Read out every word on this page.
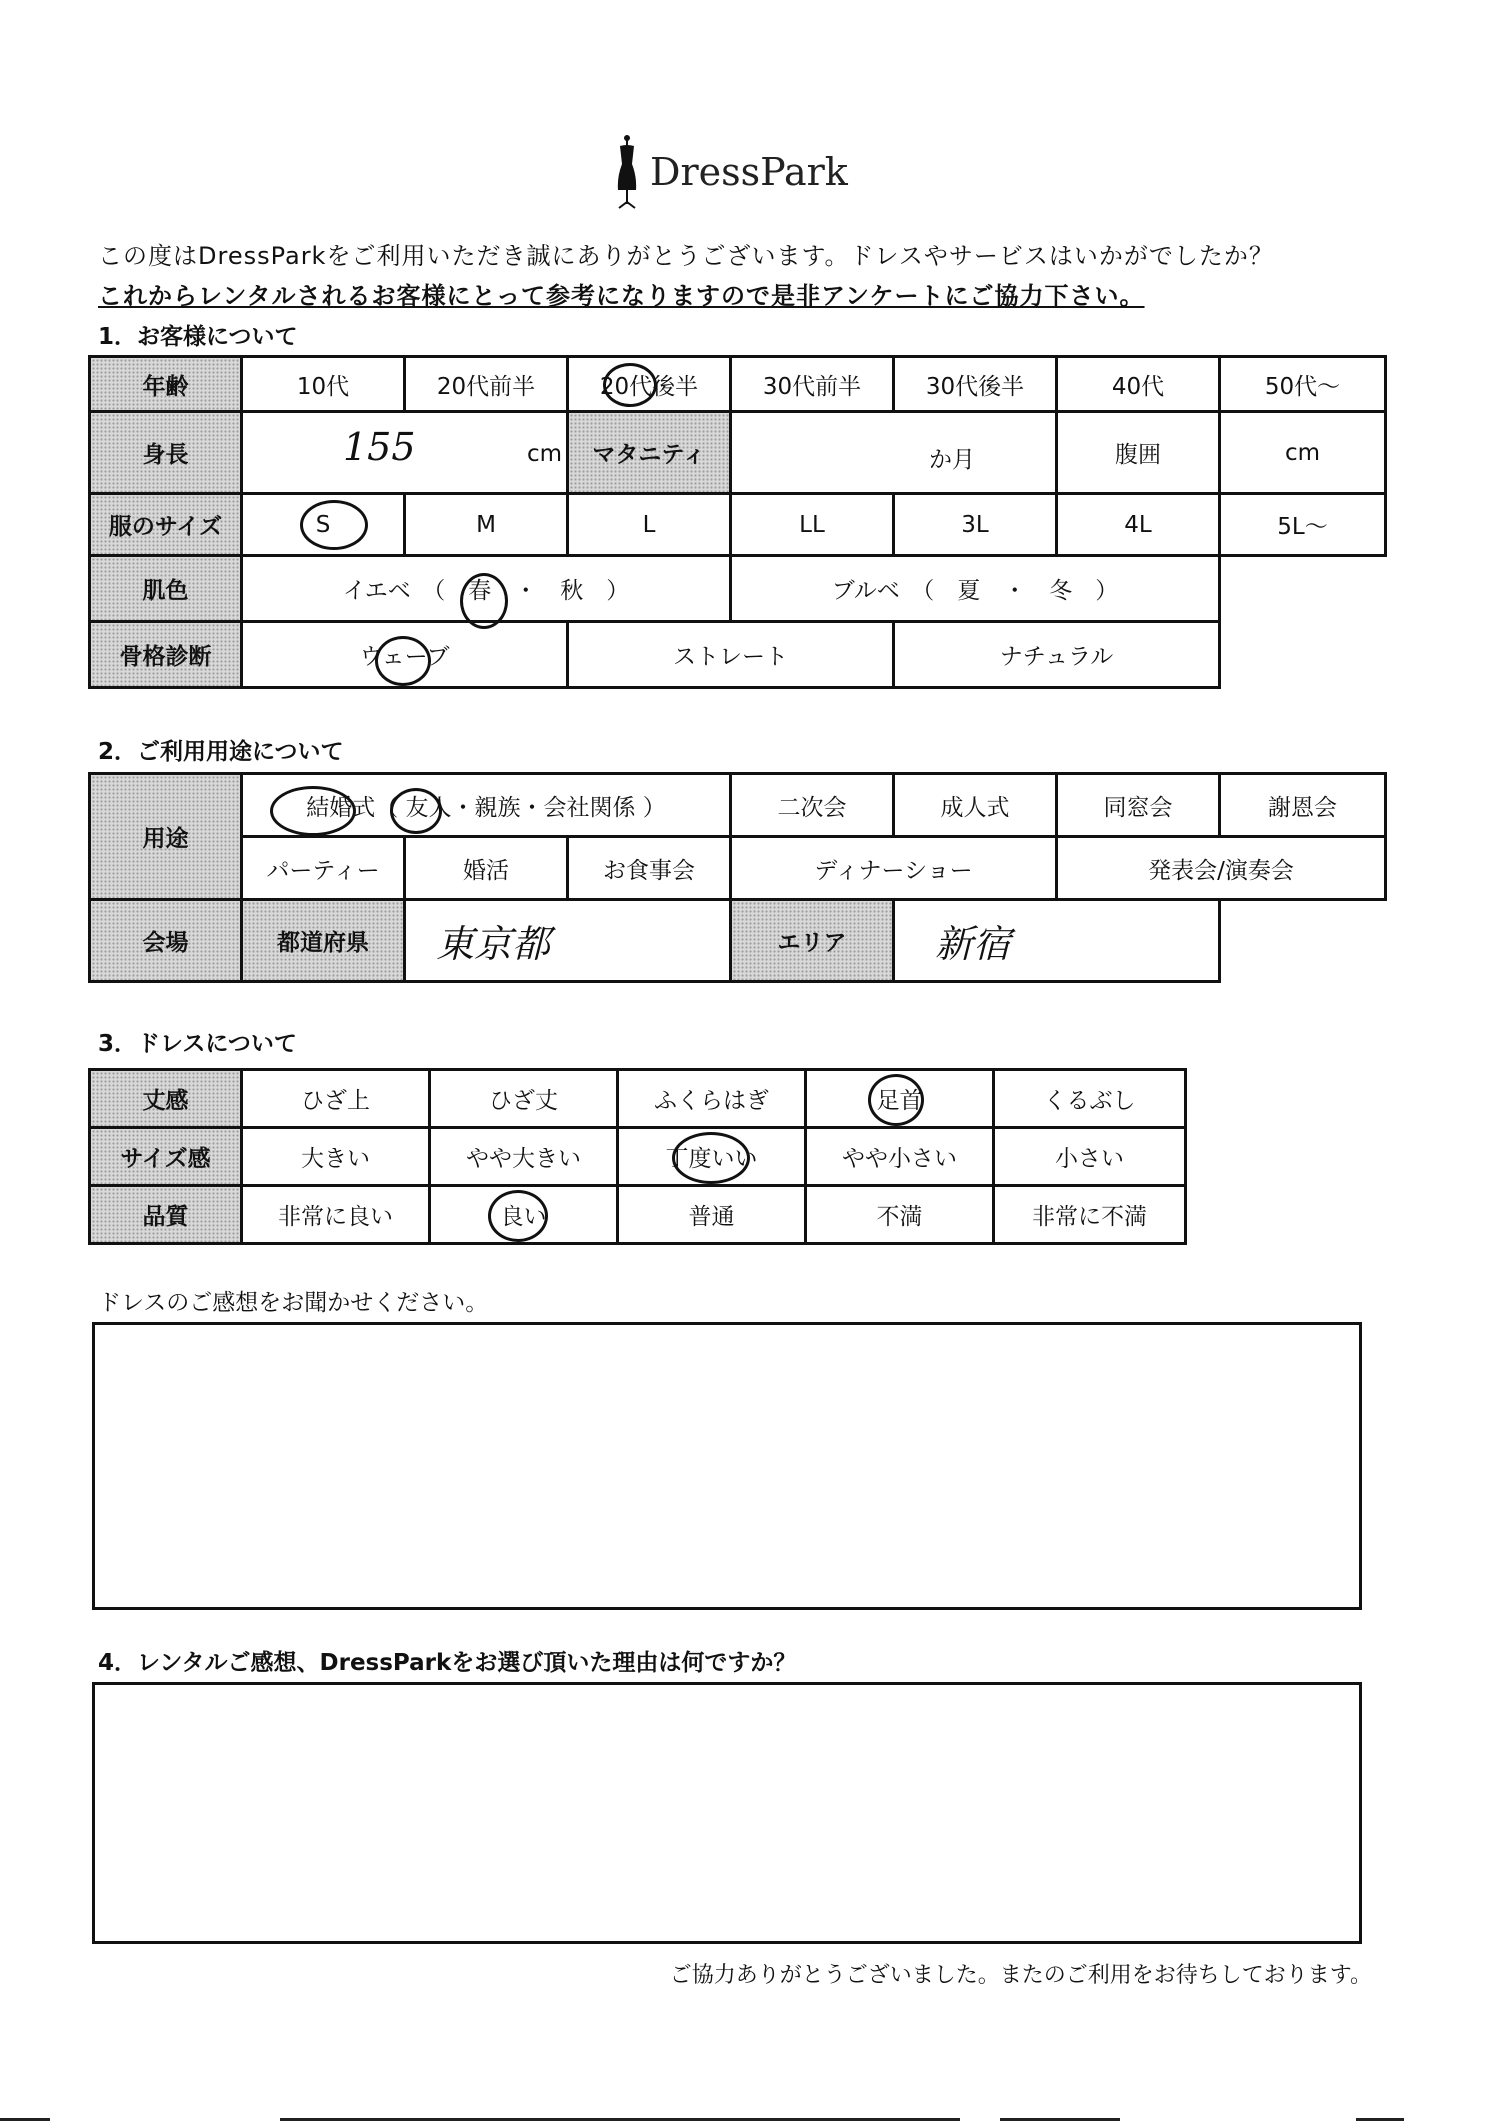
DressPark
この度はDressParkをご利用いただき誠にありがとうございます。ドレスやサービスはいかがでしたか？
これからレンタルされるお客様にとって参考になりますので是非アンケートにご協力下さい。
1．お客様について
年齢	10代	20代前半	20代後半	30代前半	30代後半	40代	50代～
身長	155 cm		マタニティ	か月		腹囲	cm
服のサイズ	S	M	L	LL	3L	4L	5L～
肌色	イエベ　（　春　・　秋　）			ブルベ　（　夏　・　冬　）			
骨格診断	ウェーブ		ストレート		ナチュラル		
2．ご利用用途について
用途	結婚式（ 友人・親族・会社関係 ）			二次会	成人式	同窓会	謝恩会
	パーティー	婚活	お食事会	ディナーショー		発表会/演奏会	
会場	都道府県	東京都		エリア	新宿		
3．ドレスについて
丈感	ひざ上	ひざ丈	ふくらはぎ	足首	くるぶし
サイズ感	大きい	やや大きい	丁度いい	やや小さい	小さい
品質	非常に良い	良い	普通	不満	非常に不満
ドレスのご感想をお聞かせください。
4．レンタルご感想、DressParkをお選び頂いた理由は何ですか？
ご協力ありがとうございました。またのご利用をお待ちしております。
